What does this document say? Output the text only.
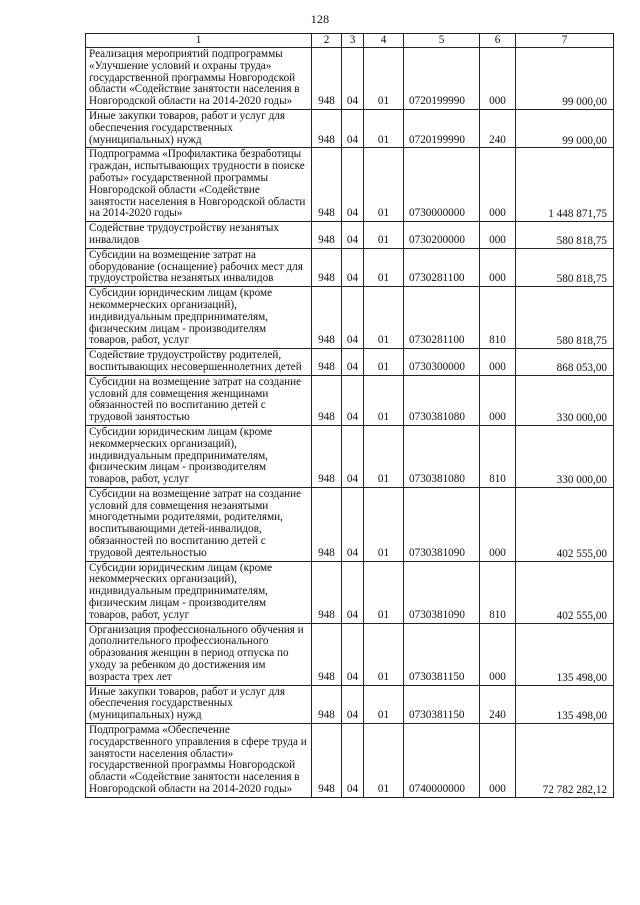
128
1	2	3	4	5	6	7
Реализация мероприятий подпрограммы «Улучшение условий и охраны труда» государственной программы Новгородской области «Содействие занятости населения в Новгородской области на 2014-2020 годы»	948	04	01	0720199990	000	99 000,00
Иные закупки товаров, работ и услуг для обеспечения государственных (муниципальных) нужд	948	04	01	0720199990	240	99 000,00
Подпрограмма «Профилактика безработицы граждан, испытывающих трудности в поиске работы» государственной программы Новгородской области «Содействие занятости населения в Новгородской области на 2014-2020 годы»	948	04	01	0730000000	000	1 448 871,75
Содействие трудоустройству незанятых инвалидов	948	04	01	0730200000	000	580 818,75
Субсидии на возмещение затрат на оборудование (оснащение) рабочих мест для трудоустройства незанятых инвалидов	948	04	01	0730281100	000	580 818,75
Субсидии юридическим лицам (кроме некоммерческих организаций), индивидуальным предпринимателям, физическим лицам - производителям товаров, работ, услуг	948	04	01	0730281100	810	580 818,75
Содействие трудоустройству родителей, воспитывающих несовершеннолетних детей	948	04	01	0730300000	000	868 053,00
Субсидии на возмещение затрат на создание условий для совмещения женщинами обязанностей по воспитанию детей с трудовой занятостью	948	04	01	0730381080	000	330 000,00
Субсидии юридическим лицам (кроме некоммерческих организаций), индивидуальным предпринимателям, физическим лицам - производителям товаров, работ, услуг	948	04	01	0730381080	810	330 000,00
Субсидии на возмещение затрат на создание условий для совмещения незанятыми многодетными родителями, родителями, воспитывающими детей-инвалидов, обязанностей по воспитанию детей с трудовой деятельностью	948	04	01	0730381090	000	402 555,00
Субсидии юридическим лицам (кроме некоммерческих организаций), индивидуальным предпринимателям, физическим лицам - производителям товаров, работ, услуг	948	04	01	0730381090	810	402 555,00
Организация профессионального обучения и дополнительного профессионального образования женщин в период отпуска по уходу за ребенком до достижения им возраста трех лет	948	04	01	0730381150	000	135 498,00
Иные закупки товаров, работ и услуг для обеспечения государственных (муниципальных) нужд	948	04	01	0730381150	240	135 498,00
Подпрограмма «Обеспечение государственного управления в сфере труда и занятости населения области» государственной программы Новгородской области «Содействие занятости населения в Новгородской области на 2014-2020 годы»	948	04	01	0740000000	000	72 782 282,12
